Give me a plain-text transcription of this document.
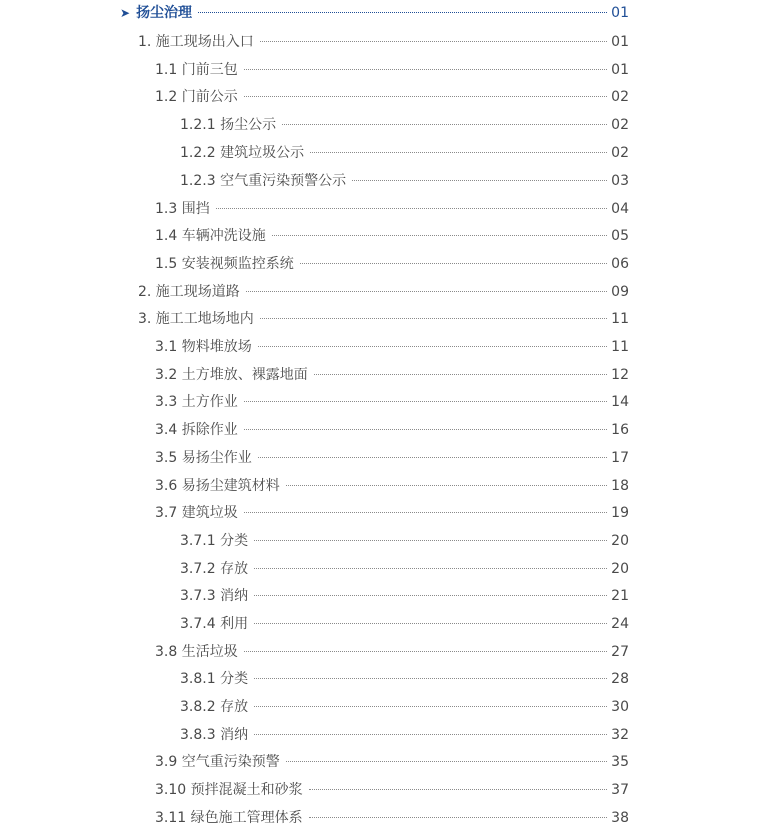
➤ 扬尘治理	01
1. 施工现场出入口	01
1.1 门前三包	01
1.2 门前公示	02
1.2.1 扬尘公示	02
1.2.2 建筑垃圾公示	02
1.2.3 空气重污染预警公示	03
1.3 围挡	04
1.4 车辆冲洗设施	05
1.5 安装视频监控系统	06
2. 施工现场道路	09
3. 施工工地场地内	11
3.1 物料堆放场	11
3.2 土方堆放、裸露地面	12
3.3 土方作业	14
3.4 拆除作业	16
3.5 易扬尘作业	17
3.6 易扬尘建筑材料	18
3.7 建筑垃圾	19
3.7.1 分类	20
3.7.2 存放	20
3.7.3 消纳	21
3.7.4 利用	24
3.8 生活垃圾	27
3.8.1 分类	28
3.8.2 存放	30
3.8.3 消纳	32
3.9 空气重污染预警	35
3.10 预拌混凝土和砂浆	37
3.11 绿色施工管理体系	38
